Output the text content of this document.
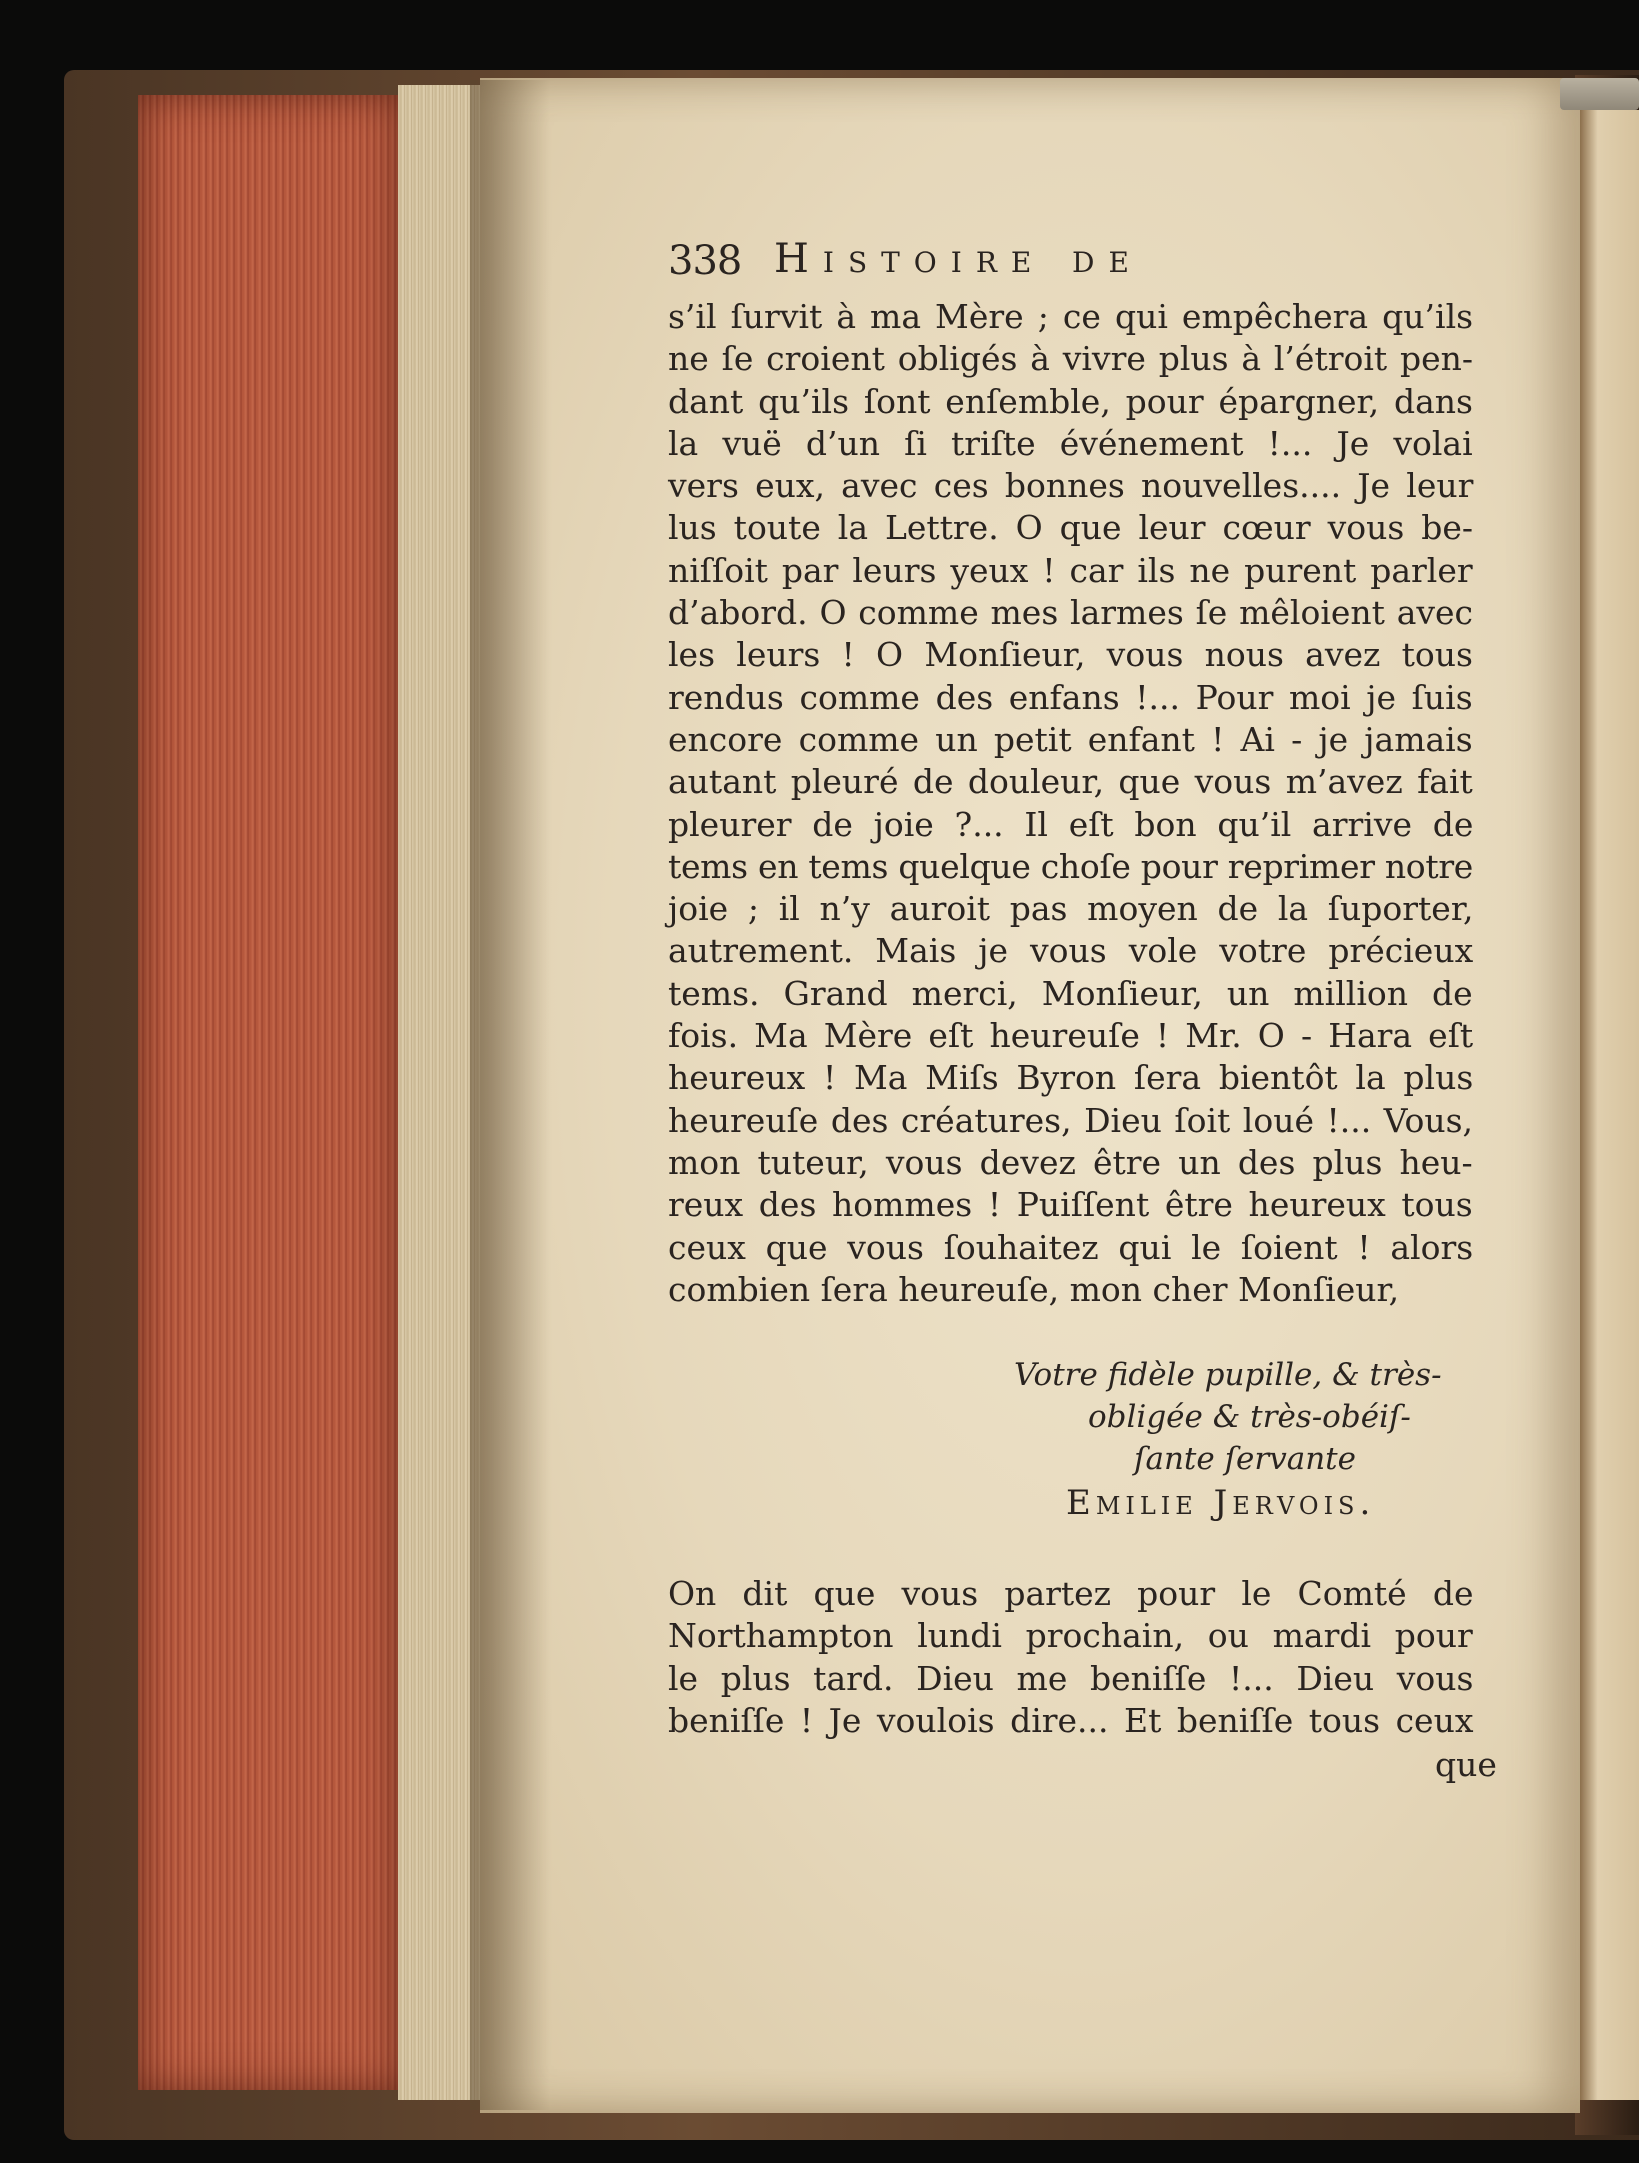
338 Histoire de
s’il ſurvit à ma Mère ; ce qui empêchera qu’ils
ne ſe croient obligés à vivre plus à l’étroit pen-
dant qu’ils ſont enſemble, pour épargner, dans
la vuë d’un ſi triſte événement !... Je volai
vers eux, avec ces bonnes nouvelles.... Je leur
lus toute la Lettre. O que leur cœur vous be-
niſſoit par leurs yeux ! car ils ne purent parler
d’abord. O comme mes larmes ſe mêloient avec
les leurs ! O Monſieur, vous nous avez tous
rendus comme des enfans !... Pour moi je ſuis
encore comme un petit enfant ! Ai - je jamais
autant pleuré de douleur, que vous m’avez fait
pleurer de joie ?... Il eſt bon qu’il arrive de
tems en tems quelque choſe pour reprimer notre
joie ; il n’y auroit pas moyen de la ſuporter,
autrement. Mais je vous vole votre précieux
tems. Grand merci, Monſieur, un million de
fois. Ma Mère eſt heureuſe ! Mr. O - Hara eſt
heureux ! Ma Miſs Byron ſera bientôt la plus
heureuſe des créatures, Dieu ſoit loué !... Vous,
mon tuteur, vous devez être un des plus heu-
reux des hommes ! Puiſſent être heureux tous
ceux que vous ſouhaitez qui le ſoient ! alors
combien ſera heureuſe, mon cher Monſieur,
Votre fidèle pupille, & très-
obligée & très-obéiſ-
ſante ſervante
Emilie Jervois.
On dit que vous partez pour le Comté de
Northampton lundi prochain, ou mardi pour
le plus tard. Dieu me beniſſe !... Dieu vous
beniſſe ! Je voulois dire... Et beniſſe tous ceux
que
